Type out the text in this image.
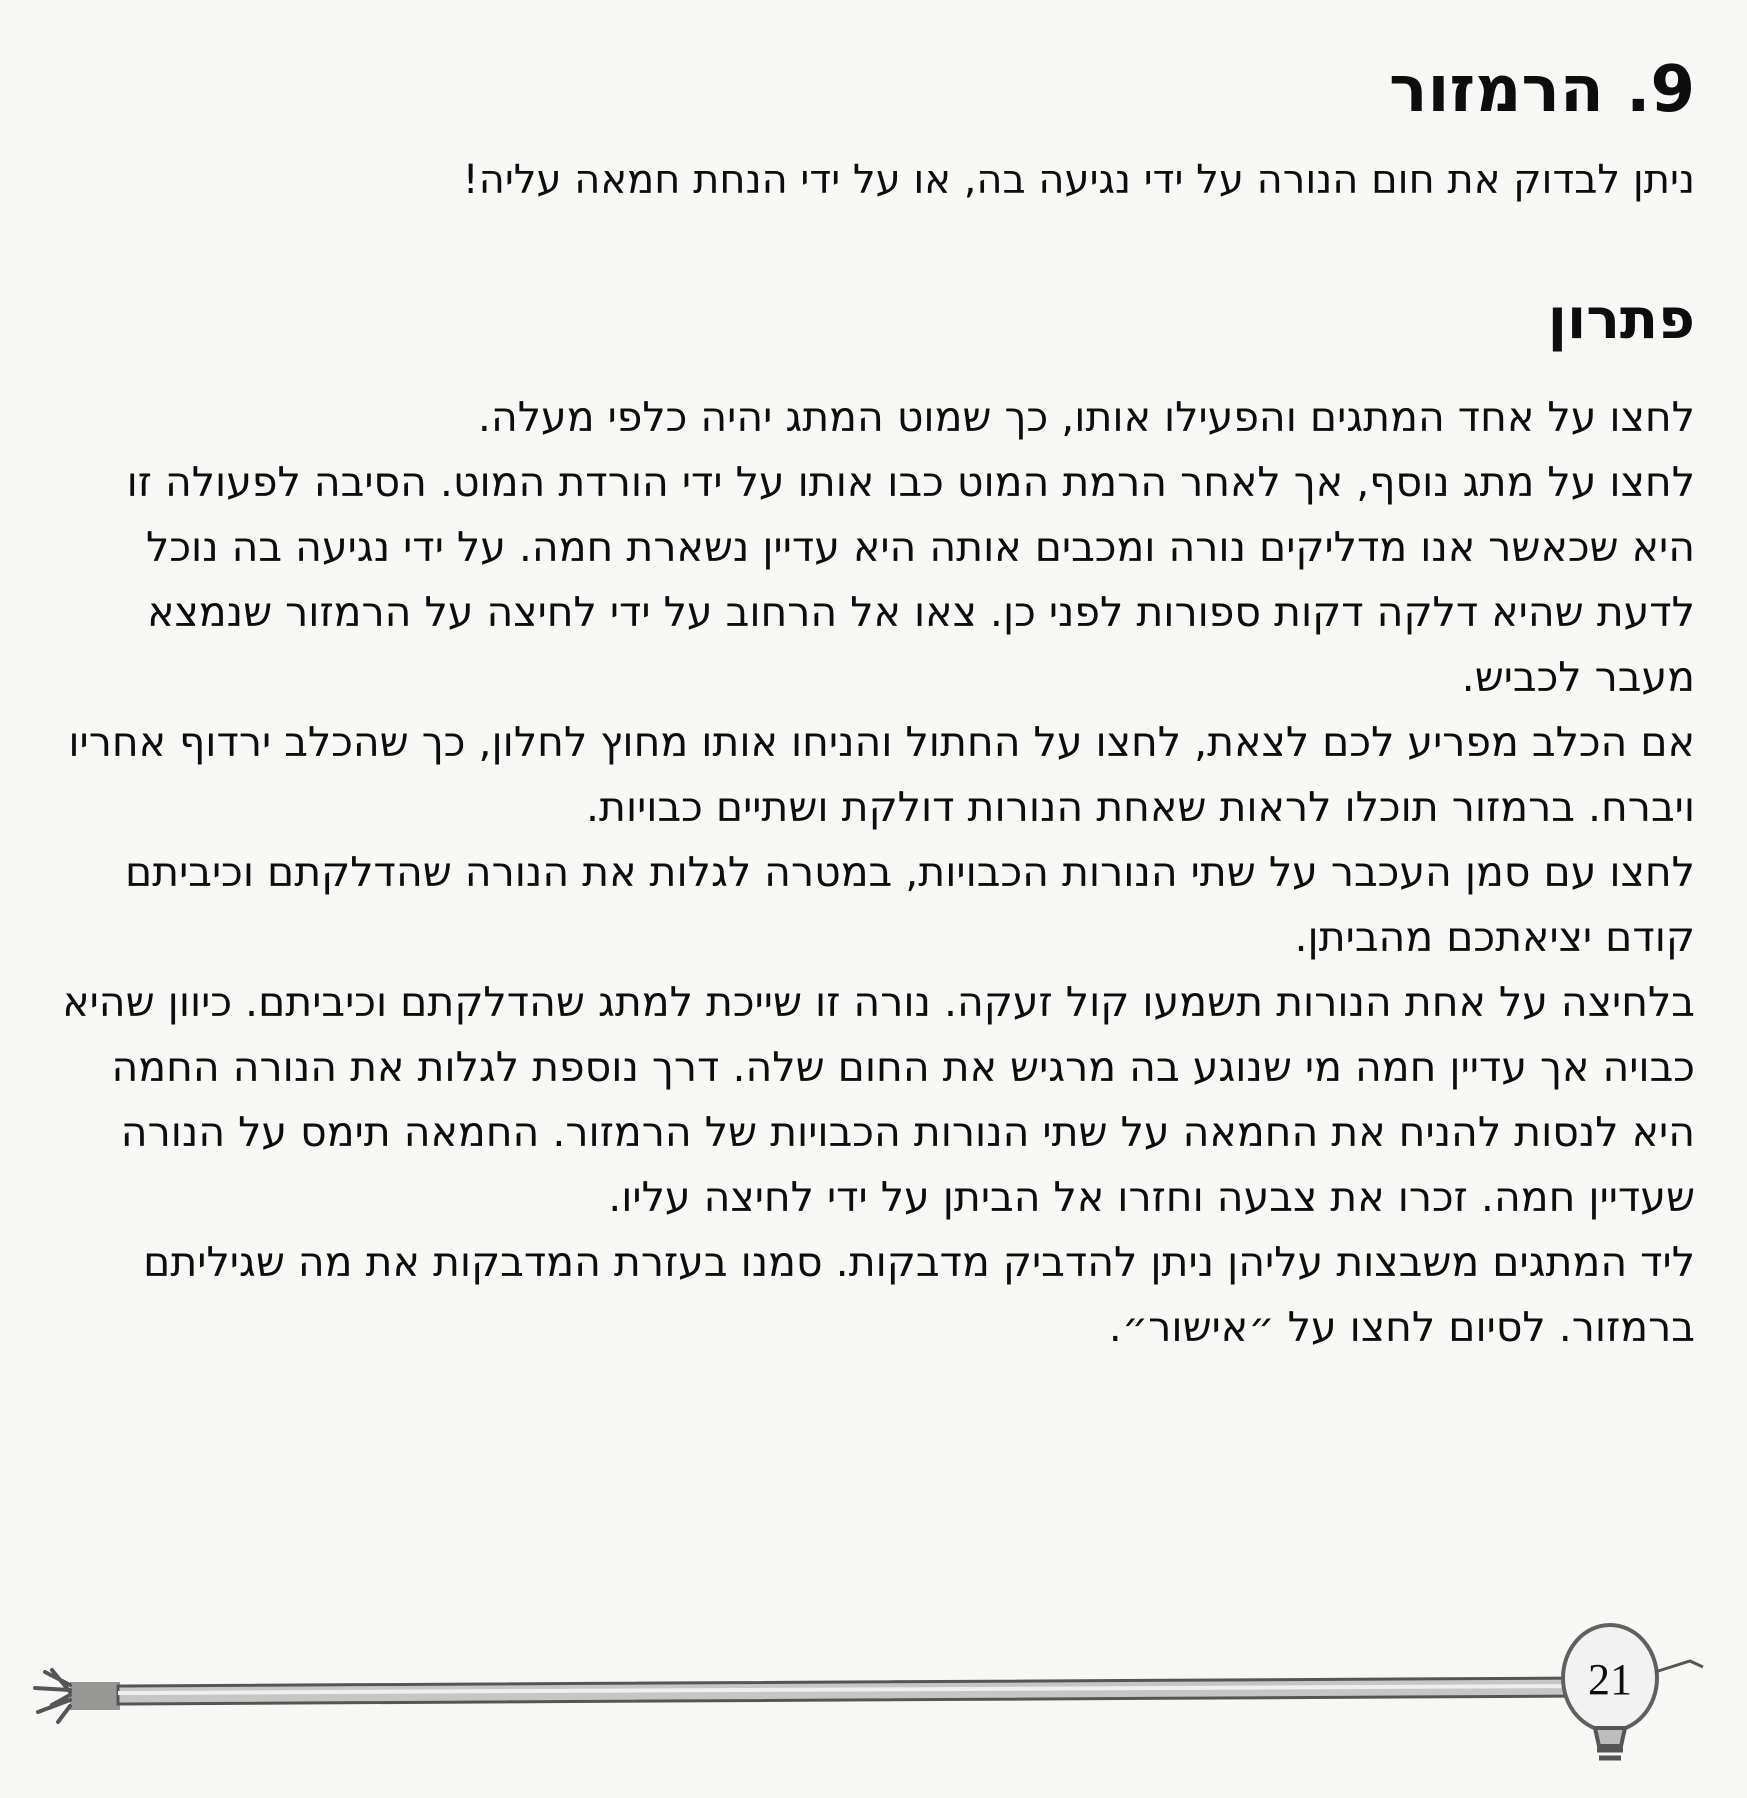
9. הרמזור

ניתן לבדוק את חום הנורה על ידי נגיעה בה, או על ידי הנחת חמאה עליה!

פתרון

לחצו על אחד המתגים והפעילו אותו, כך שמוט המתג יהיה כלפי מעלה.

לחצו על מתג נוסף, אך לאחר הרמת המוט כבו אותו על ידי הורדת המוט. הסיבה לפעולה זו היא שכאשר אנו מדליקים נורה ומכבים אותה היא עדיין נשארת חמה. על ידי נגיעה בה נוכל לדעת שהיא דלקה דקות ספורות לפני כן. צאו אל הרחוב על ידי לחיצה על הרמזור שנמצא מעבר לכביש.

אם הכלב מפריע לכם לצאת, לחצו על החתול והניחו אותו מחוץ לחלון, כך שהכלב ירדוף אחריו ויברח. ברמזור תוכלו לראות שאחת הנורות דולקת ושתיים כבויות.

לחצו עם סמן העכבר על שתי הנורות הכבויות, במטרה לגלות את הנורה שהדלקתם וכיביתם קודם יציאתכם מהביתן.

בלחיצה על אחת הנורות תשמעו קול זעקה. נורה זו שייכת למתג שהדלקתם וכיביתם. כיוון שהיא כבויה אך עדיין חמה מי שנוגע בה מרגיש את החום שלה. דרך נוספת לגלות את הנורה החמה היא לנסות להניח את החמאה על שתי הנורות הכבויות של הרמזור. החמאה תימס על הנורה שעדיין חמה. זכרו את צבעה וחזרו אל הביתן על ידי לחיצה עליו.

ליד המתגים משבצות עליהן ניתן להדביק מדבקות. סמנו בעזרת המדבקות את מה שגיליתם ברמזור. לסיום לחצו על ״אישור״.

21
